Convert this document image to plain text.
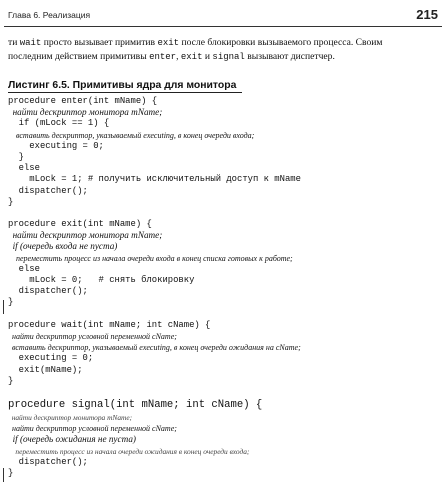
Глава 6. Реализация	215

ти wait просто вызывает примитив exit после блокировки вызываемого процесса. Своим
последним действием примитивы enter, exit и signal вызывают диспетчер.

Листинг 6.5. Примитивы ядра для монитора
procedure enter(int mName) {
найти дескриптор монитора mName;
if (mLock == 1) {
вставить дескриптор, указываемый executing, в конец очереди входа;
executing = 0;
}
else
mLock = 1; # получить исключительный доступ к mName
dispatcher();
}
procedure exit(int mName) {
найти дескриптор монитора mName;
if (очередь входа не пуста)
переместить процесс из начала очереди входа в конец списка готовых к работе;
else
mLock = 0;   # снять блокировку
dispatcher();
}
procedure wait(int mName; int cName) {
найти дескриптор условной переменной cName;
вставить дескриптор, указываемый executing, в конец очереди ожидания на cName;
executing = 0;
exit(mName);
}
procedure signal(int mName; int cName) {
найти дескриптор монитора mName;
найти дескриптор условной переменной cName;
if (очередь ожидания не пуста)
переместить процесс из начала очереди ожидания в конец очереди входа;
dispatcher();
}
